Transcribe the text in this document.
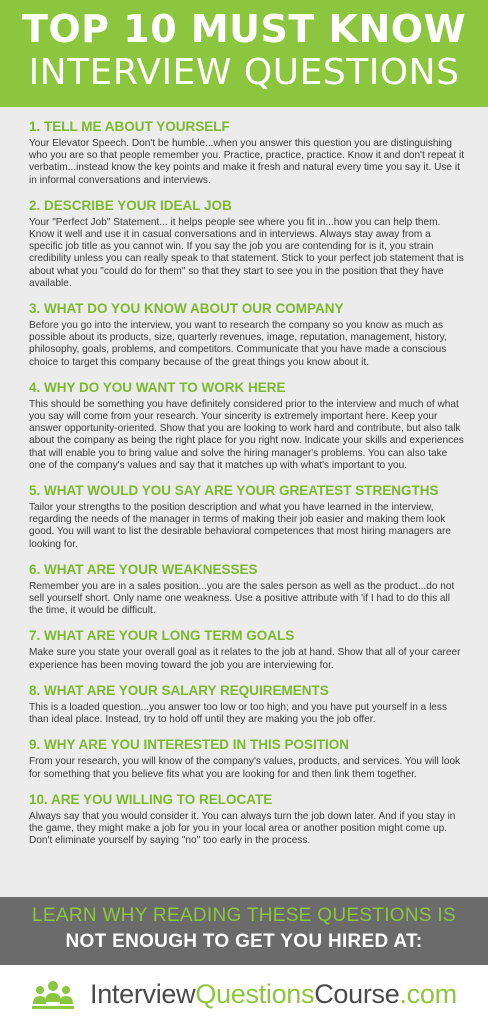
TOP 10 MUST KNOW
INTERVIEW QUESTIONS
1. TELL ME ABOUT YOURSELF
Your Elevator Speech. Don't be humble...when you answer this question you are distinguishing who you are so that people remember you. Practice, practice, practice. Know it and don't repeat it verbatim...instead know the key points and make it fresh and natural every time you say it. Use it in informal conversations and interviews.
2. DESCRIBE YOUR IDEAL JOB
Your "Perfect Job" Statement... it helps people see where you fit in...how you can help them. Know it well and use it in casual conversations and in interviews. Always stay away from a specific job title as you cannot win. If you say the job you are contending for is it, you strain credibility unless you can really speak to that statement. Stick to your perfect job statement that is about what you "could do for them" so that they start to see you in the position that they have available.
3. WHAT DO YOU KNOW ABOUT OUR COMPANY
Before you go into the interview, you want to research the company so you know as much as possible about its products, size, quarterly revenues, image, reputation, management, history, philosophy, goals, problems, and competitors. Communicate that you have made a conscious choice to target this company because of the great things you know about it.
4. WHY DO YOU WANT TO WORK HERE
This should be something you have definitely considered prior to the interview and much of what you say will come from your research. Your sincerity is extremely important here. Keep your answer opportunity-oriented. Show that you are looking to work hard and contribute, but also talk about the company as being the right place for you right now. Indicate your skills and experiences that will enable you to bring value and solve the hiring manager's problems. You can also take one of the company's values and say that it matches up with what's important to you.
5. WHAT WOULD YOU SAY ARE YOUR GREATEST STRENGTHS
Tailor your strengths to the position description and what you have learned in the interview, regarding the needs of the manager in terms of making their job easier and making them look good. You will want to list the desirable behavioral competences that most hiring managers are looking for.
6. WHAT ARE YOUR WEAKNESSES
Remember you are in a sales position...you are the sales person as well as the product...do not sell yourself short. Only name one weakness. Use a positive attribute with 'if I had to do this all the time, it would be difficult.
7. WHAT ARE YOUR LONG TERM GOALS
Make sure you state your overall goal as it relates to the job at hand. Show that all of your career experience has been moving toward the job you are interviewing for.
8. WHAT ARE YOUR SALARY REQUIREMENTS
This is a loaded question...you answer too low or too high; and you have put yourself in a less than ideal place. Instead, try to hold off until they are making you the job offer.
9. WHY ARE YOU INTERESTED IN THIS POSITION
From your research, you will know of the company's values, products, and services. You will look for something that you believe fits what you are looking for and then link them together.
10. ARE YOU WILLING TO RELOCATE
Always say that you would consider it. You can always turn the job down later. And if you stay in the game, they might make a job for you in your local area or another position might come up. Don't eliminate yourself by saying "no" too early in the process.
LEARN WHY READING THESE QUESTIONS IS
NOT ENOUGH TO GET YOU HIRED AT:
InterviewQuestionsCourse.com
